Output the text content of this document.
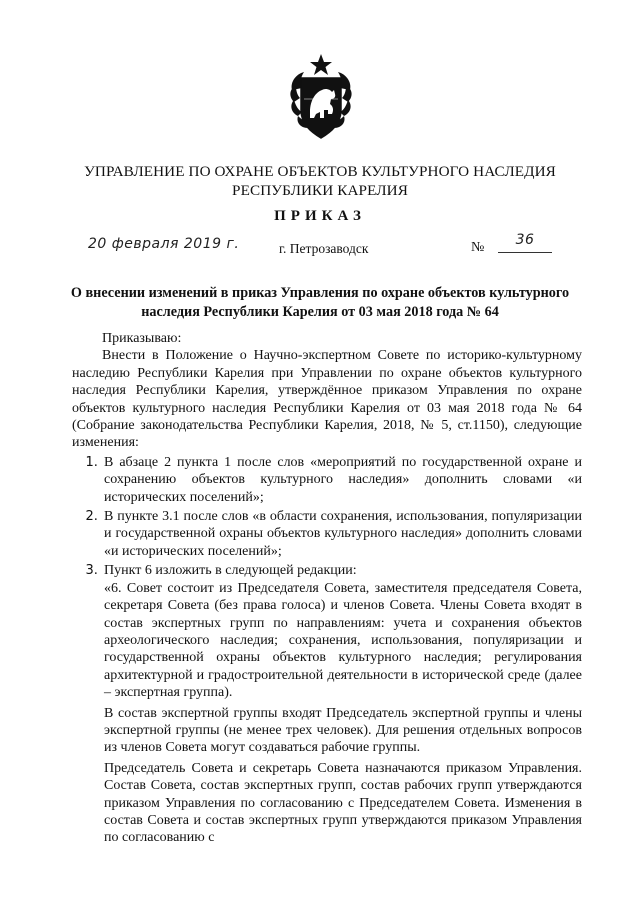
УПРАВЛЕНИЕ ПО ОХРАНЕ ОБЪЕКТОВ КУЛЬТУРНОГО НАСЛЕДИЯ
РЕСПУБЛИКИ КАРЕЛИЯ
ПРИКАЗ
20 февраля 2019 г.	г. Петрозаводск	№	36
О внесении изменений в приказ Управления по охране объектов культурного наследия Республики Карелия от 03 мая 2018 года № 64

Приказываю:

Внести в Положение о Научно-экспертном Совете по историко-культурному наследию Республики Карелия при Управлении по охране объектов культурного наследия Республики Карелия, утверждённое приказом Управления по охране объектов культурного наследия Республики Карелия от 03 мая 2018 года № 64 (Собрание законодательства Республики Карелия, 2018, № 5, ст.1150), следующие изменения:

1. В абзаце 2 пункта 1 после слов «мероприятий по государственной охране и сохранению объектов культурного наследия» дополнить словами «и исторических поселений»;
2. В пункте 3.1 после слов «в области сохранения, использования, популяризации и государственной охраны объектов культурного наследия» дополнить словами «и исторических поселений»;
3. Пункт 6 изложить в следующей редакции:

«6. Совет состоит из Председателя Совета, заместителя председателя Совета, секретаря Совета (без права голоса) и членов Совета. Члены Совета входят в состав экспертных групп по направлениям: учета и сохранения объектов археологического наследия; сохранения, использования, популяризации и государственной охраны объектов культурного наследия; регулирования архитектурной и градостроительной деятельности в исторической среде (далее – экспертная группа).

В состав экспертной группы входят Председатель экспертной группы и члены экспертной группы (не менее трех человек). Для решения отдельных вопросов из членов Совета могут создаваться рабочие группы.

Председатель Совета и секретарь Совета назначаются приказом Управления. Состав Совета, состав экспертных групп, состав рабочих групп утверждаются приказом Управления по согласованию с Председателем Совета. Изменения в состав Совета и состав экспертных групп утверждаются приказом Управления по согласованию с
